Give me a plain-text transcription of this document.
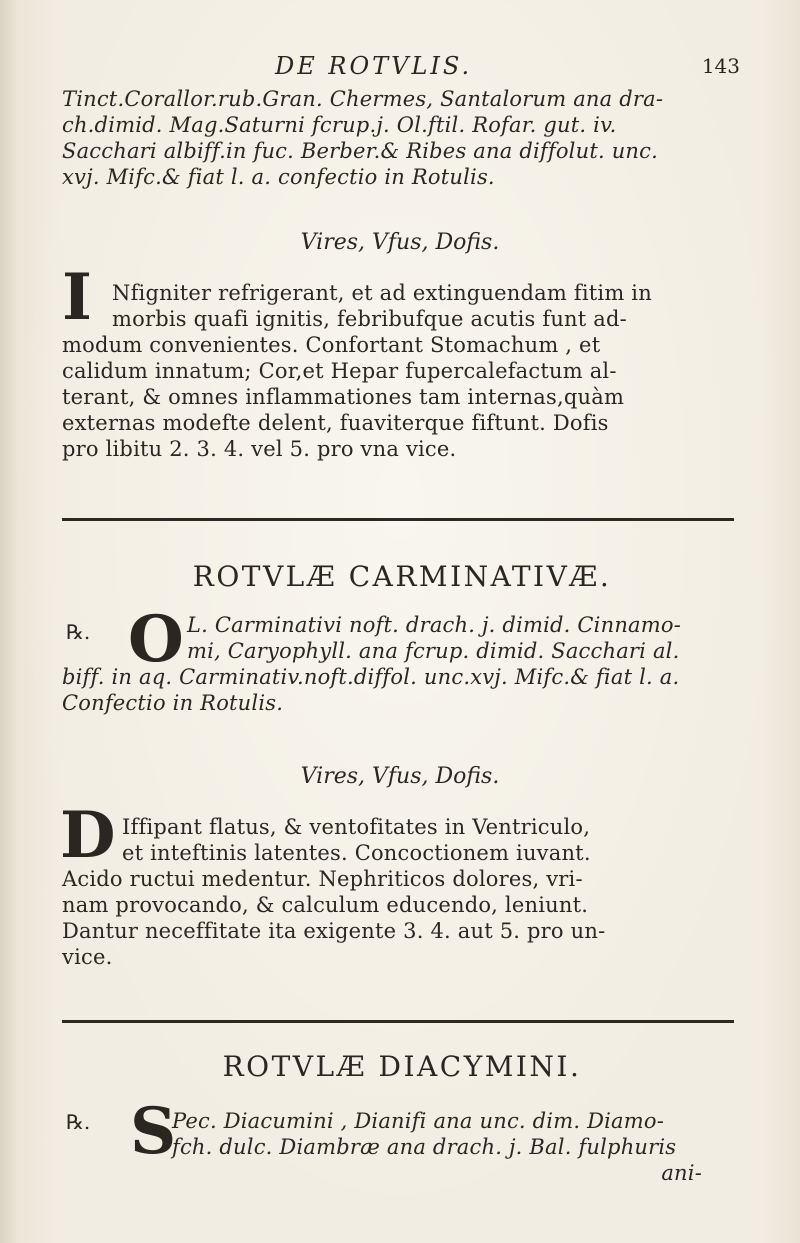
DE ROTVLIS.	143
Tinct.Corallor.rub.Gran. Chermes, Santalorum ana dra-
ch.dimid. Mag.Saturni fcrup.j. Ol.ftil. Rofar. gut. iv.
Sacchari albiff.in fuc. Berber.& Ribes ana diffolut. unc.
xvj. Mifc.& fiat l. a. confectio in Rotulis.
Vires, Vfus, Dofis.
I Nfigniter refrigerant, et ad extinguendam fitim in
morbis quafi ignitis, febribufque acutis funt ad-
modum convenientes. Confortant Stomachum , et
calidum innatum; Cor,et Hepar fupercalefactum al-
terant, & omnes inflammationes tam internas,quàm
externas modefte delent, fuaviterque fiftunt. Dofis
pro libitu 2. 3. 4. vel 5. pro vna vice.
ROTVLÆ CARMINATIVÆ.
℞. O L. Carminativi noft. drach. j. dimid. Cinnamo-
mi, Caryophyll. ana fcrup. dimid. Sacchari al.
biff. in aq. Carminativ.noft.diffol. unc.xvj. Mifc.& fiat l. a.
Confectio in Rotulis.
Vires, Vfus, Dofis.
D Iffipant flatus, & ventofitates in Ventriculo,
et inteftinis latentes. Concoctionem iuvant.
Acido ructui medentur. Nephriticos dolores, vri-
nam provocando, & calculum educendo, leniunt.
Dantur neceffitate ita exigente 3. 4. aut 5. pro un-
vice.
ROTVLÆ DIACYMINI.
℞. S
Pec. Diacumini , Dianifi ana unc. dim. Diamo-
fch. dulc. Diambræ ana drach. j. Bal. fulphuris
ani-
